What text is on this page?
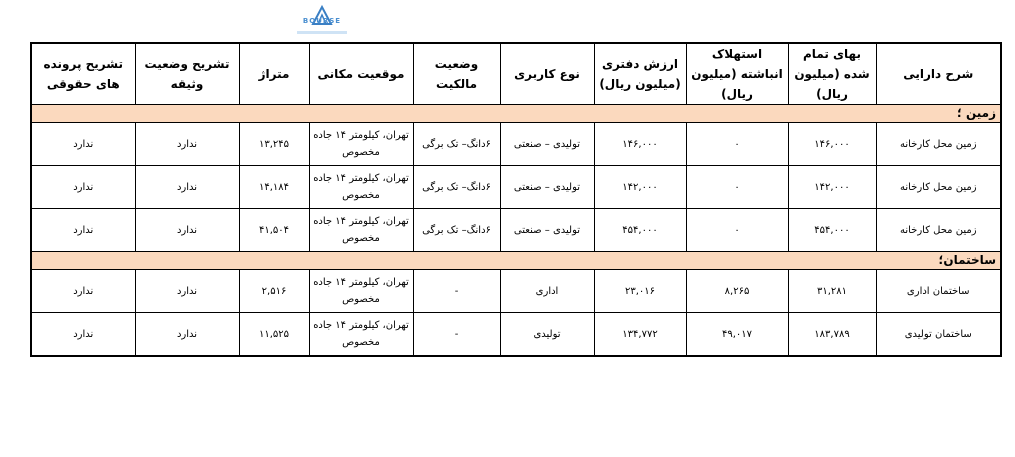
BOURSE
شرح دارایی	بهای تمام شده (میلیون ریال)	استهلاک انباشته (میلیون ریال)	ارزش دفتری (میلیون ریال)	نوع کاربری	وضعیت مالکیت	موقعیت مکانی	متراژ	تشریح وضعیت وثیقه	تشریح پرونده های حقوقی
زمین ؛									
زمین محل کارخانه	۱۴۶,۰۰۰	۰	۱۴۶,۰۰۰	تولیدی – صنعتی	۶دانگ– تک برگی	تهران، کیلومتر ۱۴ جاده مخصوص	۱۳,۲۴۵	ندارد	ندارد
زمین محل کارخانه	۱۴۲,۰۰۰	۰	۱۴۲,۰۰۰	تولیدی – صنعتی	۶دانگ– تک برگی	تهران، کیلومتر ۱۴ جاده مخصوص	۱۴,۱۸۴	ندارد	ندارد
زمین محل کارخانه	۴۵۴,۰۰۰	۰	۴۵۴,۰۰۰	تولیدی – صنعتی	۶دانگ– تک برگی	تهران، کیلومتر ۱۴ جاده مخصوص	۴۱,۵۰۴	ندارد	ندارد
ساختمان؛									
ساختمان اداری	۳۱,۲۸۱	۸,۲۶۵	۲۳,۰۱۶	اداری	-	تهران، کیلومتر ۱۴ جاده مخصوص	۲,۵۱۶	ندارد	ندارد
ساختمان تولیدی	۱۸۳,۷۸۹	۴۹,۰۱۷	۱۳۴,۷۷۲	تولیدی	-	تهران، کیلومتر ۱۴ جاده مخصوص	۱۱,۵۲۵	ندارد	ندارد
